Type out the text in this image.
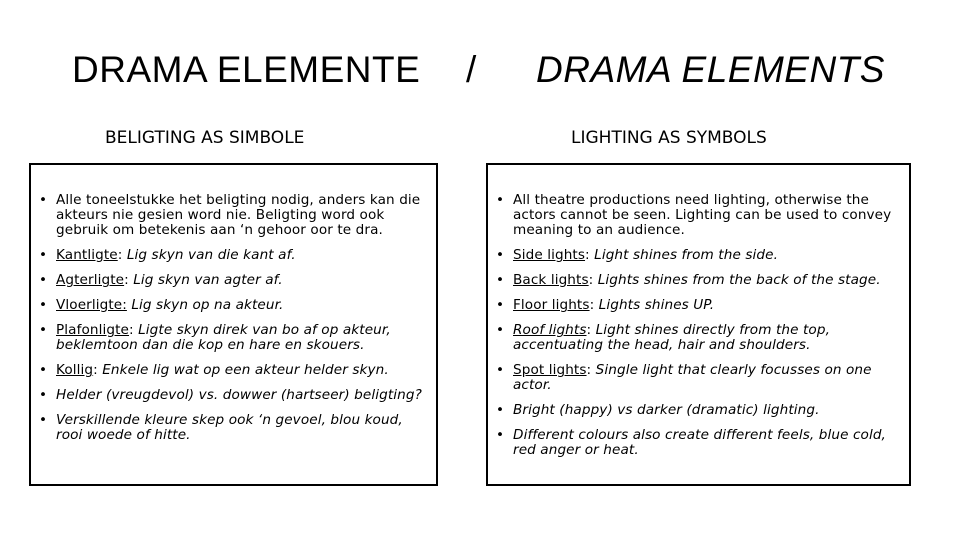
DRAMA ELEMENTE / DRAMA ELEMENTS
BELIGTING AS SIMBOLE	LIGHTING AS SYMBOLS
• Alle toneelstukke het beligting nodig, anders kan die akteurs nie gesien word nie. Beligting word ook gebruik om betekenis aan ‘n gehoor oor te dra.
• Kantligte: Lig skyn van die kant af.
• Agterligte: Lig skyn van agter af.
• Vloerligte: Lig skyn op na akteur.
• Plafonligte: Ligte skyn direk van bo af op akteur, beklemtoon dan die kop en hare en skouers.
• Kollig: Enkele lig wat op een akteur helder skyn.
• Helder (vreugdevol) vs. dowwer (hartseer) beligting?
• Verskillende kleure skep ook ‘n gevoel, blou koud, rooi woede of hitte.
• All theatre productions need lighting, otherwise the actors cannot be seen. Lighting can be used to convey meaning to an audience.
• Side lights: Light shines from the side.
• Back lights: Lights shines from the back of the stage.
• Floor lights: Lights shines UP.
• Roof lights: Light shines directly from the top, accentuating the head, hair and shoulders.
• Spot lights: Single light that clearly focusses on one actor.
• Bright (happy) vs darker (dramatic) lighting.
• Different colours also create different feels, blue cold, red anger or heat.
